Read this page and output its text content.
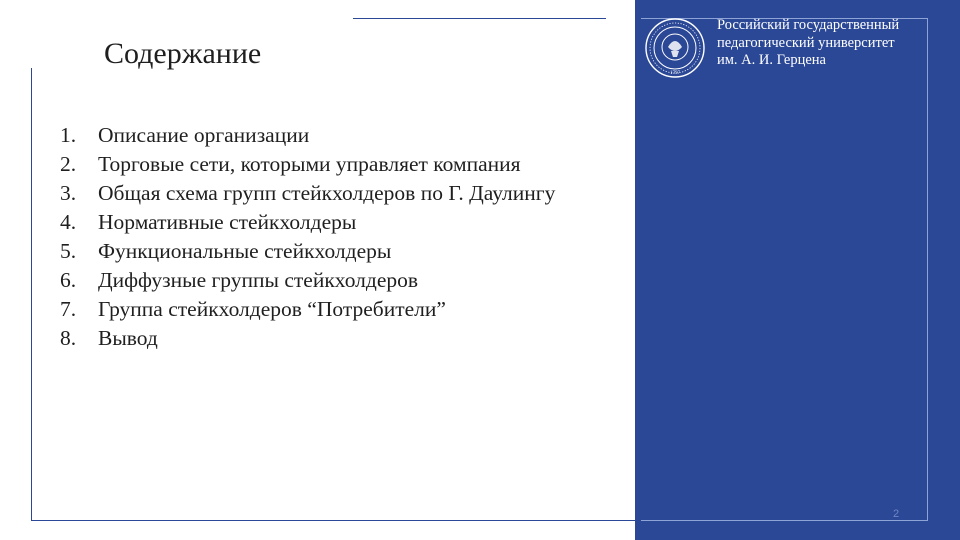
Содержание
1. Описание организации
2. Торговые сети, которыми управляет компания
3. Общая схема групп стейкхолдеров по Г. Даулингу
4. Нормативные стейкхолдеры
5. Функциональные стейкхолдеры
6. Диффузные группы стейкхолдеров
7. Группа стейкхолдеров “Потребители”
8. Вывод
1797
Российский государственный
педагогический университет
им. А. И. Герцена
2
